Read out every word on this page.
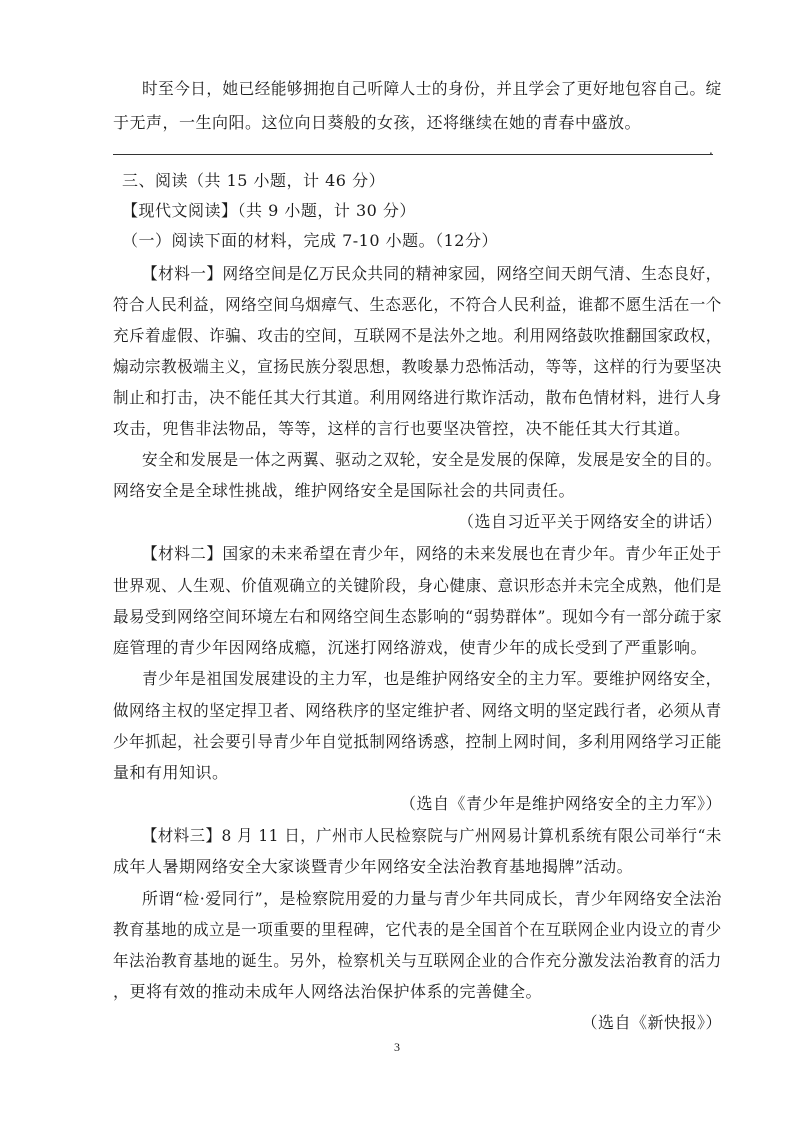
时至今日，她已经能够拥抱自己听障人士的身份，并且学会了更好地包容自己。绽
于无声，一生向阳。这位向日葵般的女孩，还将继续在她的青春中盛放。
.
三、阅读（共 15 小题，计 46 分）
【现代文阅读】（共 9 小题，计 30 分）
（一）阅读下面的材料，完成 7-10 小题。（12分）
【材料一】网络空间是亿万民众共同的精神家园，网络空间天朗气清、生态良好，
符合人民利益，网络空间乌烟瘴气、生态恶化，不符合人民利益，谁都不愿生活在一个
充斥着虚假、诈骗、攻击的空间，互联网不是法外之地。利用网络鼓吹推翻国家政权，
煽动宗教极端主义，宣扬民族分裂思想，教唆暴力恐怖活动，等等，这样的行为要坚决
制止和打击，决不能任其大行其道。利用网络进行欺诈活动，散布色情材料，进行人身
攻击，兜售非法物品，等等，这样的言行也要坚决管控，决不能任其大行其道。
安全和发展是一体之两翼、驱动之双轮，安全是发展的保障，发展是安全的目的。
网络安全是全球性挑战，维护网络安全是国际社会的共同责任。
（选自习近平关于网络安全的讲话）
【材料二】国家的未来希望在青少年，网络的未来发展也在青少年。青少年正处于
世界观、人生观、价值观确立的关键阶段，身心健康、意识形态并未完全成熟，他们是
最易受到网络空间环境左右和网络空间生态影响的“弱势群体”。现如今有一部分疏于家
庭管理的青少年因网络成瘾，沉迷打网络游戏，使青少年的成长受到了严重影响。
青少年是祖国发展建设的主力军，也是维护网络安全的主力军。要维护网络安全，
做网络主权的坚定捍卫者、网络秩序的坚定维护者、网络文明的坚定践行者，必须从青
少年抓起，社会要引导青少年自觉抵制网络诱惑，控制上网时间，多利用网络学习正能
量和有用知识。
（选自《青少年是维护网络安全的主力军》）
【材料三】8 月 11 日，广州市人民检察院与广州网易计算机系统有限公司举行“未
成年人暑期网络安全大家谈暨青少年网络安全法治教育基地揭牌”活动。
所谓“检·爱同行”，是检察院用爱的力量与青少年共同成长，青少年网络安全法治
教育基地的成立是一项重要的里程碑，它代表的是全国首个在互联网企业内设立的青少
年法治教育基地的诞生。另外，检察机关与互联网企业的合作充分激发法治教育的活力
，更将有效的推动未成年人网络法治保护体系的完善健全。
（选自《新快报》）
3
